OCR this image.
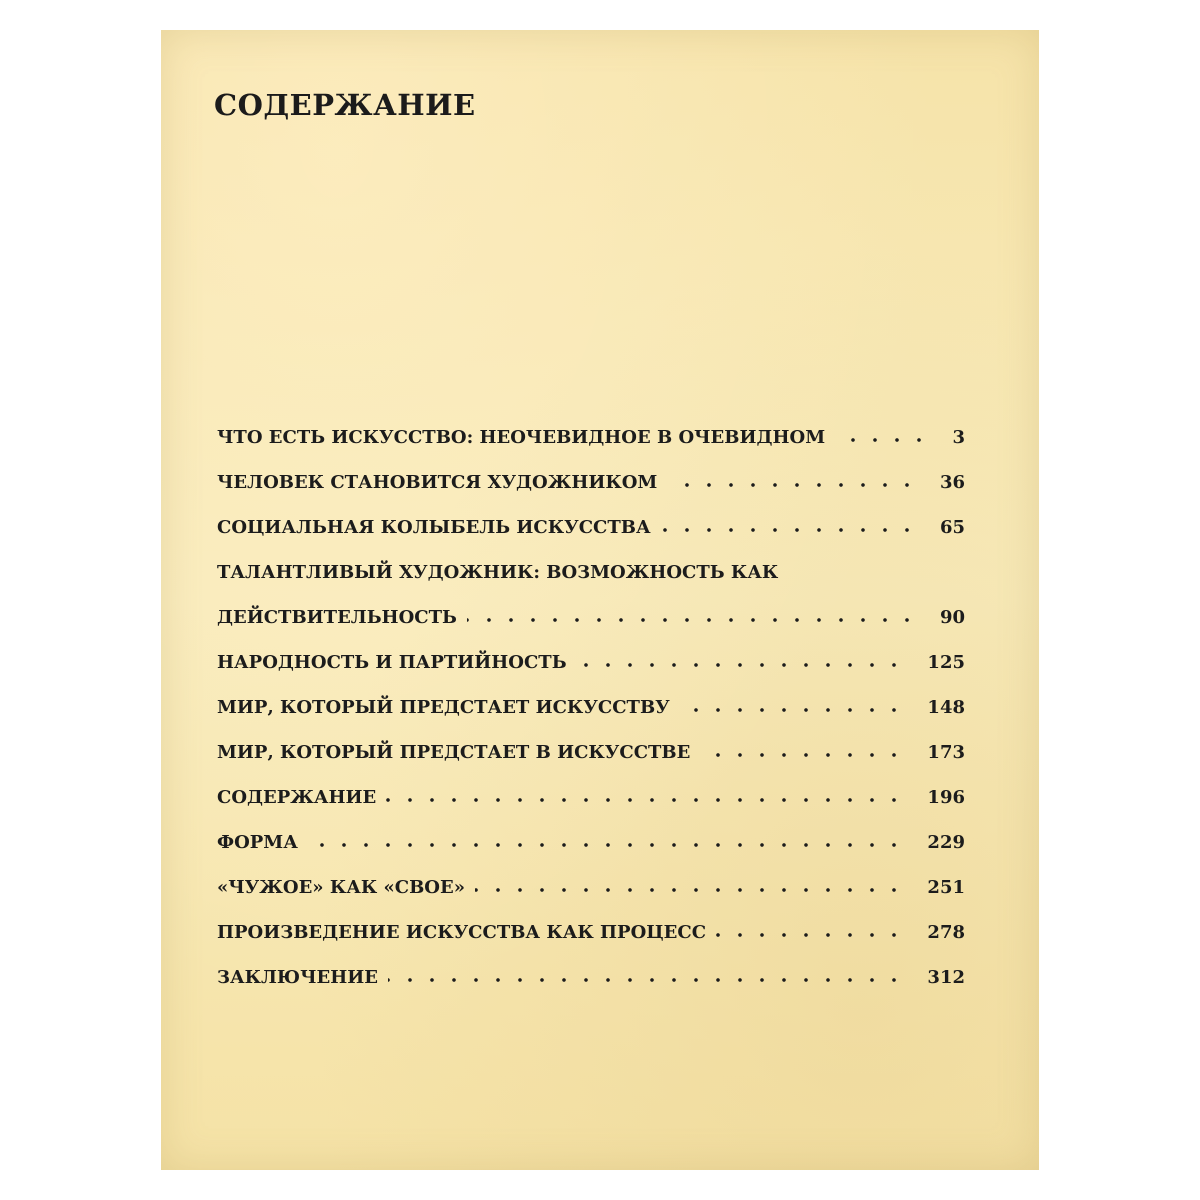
СОДЕРЖАНИЕ
ЧТО ЕСТЬ ИСКУССТВО: НЕОЧЕВИДНОЕ В ОЧЕВИДНОМ	3
ЧЕЛОВЕК СТАНОВИТСЯ ХУДОЖНИКОМ	36
СОЦИАЛЬНАЯ КОЛЫБЕЛЬ ИСКУССТВА	65
ТАЛАНТЛИВЫЙ ХУДОЖНИК: ВОЗМОЖНОСТЬ КАК
ДЕЙСТВИТЕЛЬНОСТЬ	90
НАРОДНОСТЬ И ПАРТИЙНОСТЬ	125
МИР, КОТОРЫЙ ПРЕДСТАЕТ ИСКУССТВУ	148
МИР, КОТОРЫЙ ПРЕДСТАЕТ В ИСКУССТВЕ	173
СОДЕРЖАНИЕ	196
ФОРМА	229
«ЧУЖОЕ» КАК «СВОЕ»	251
ПРОИЗВЕДЕНИЕ ИСКУССТВА КАК ПРОЦЕСС	278
ЗАКЛЮЧЕНИЕ	312
